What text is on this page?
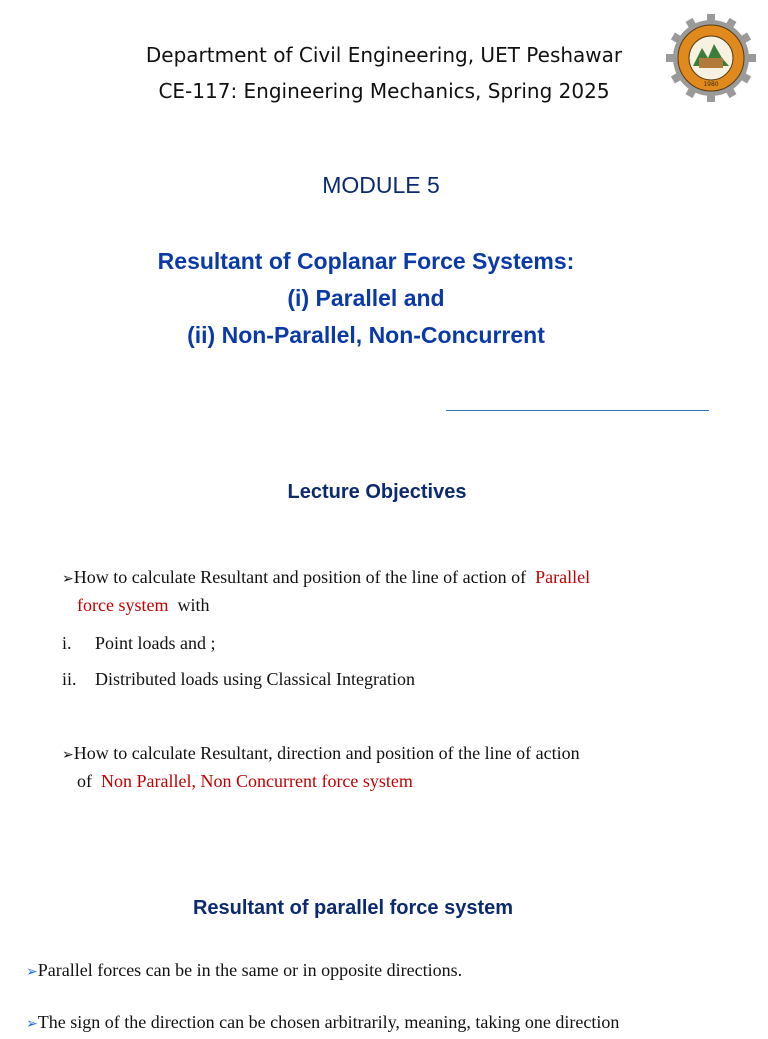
Department of Civil Engineering, UET Peshawar
CE-117: Engineering Mechanics, Spring 2025	1980
MODULE 5
Resultant of Coplanar Force Systems:
(i) Parallel and
(ii) Non-Parallel, Non-Concurrent
Lecture Objectives
➢How to calculate Resultant and position of the line of action of Parallel
force system with
i. Point loads and ;
ii. Distributed loads using Classical Integration
➢How to calculate Resultant, direction and position of the line of action
of Non Parallel, Non Concurrent force system
Resultant of parallel force system
➢Parallel forces can be in the same or in opposite directions.
➢The sign of the direction can be chosen arbitrarily, meaning, taking one direction
